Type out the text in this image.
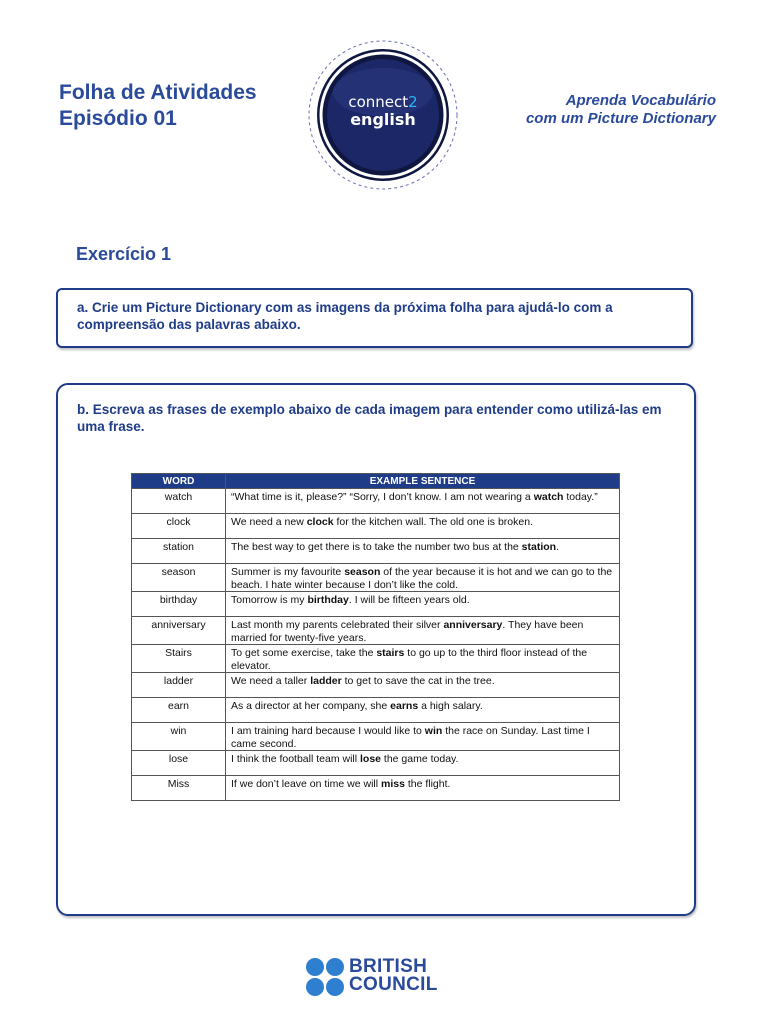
Folha de Atividades
Episódio 01
connect2
english
Aprenda Vocabulário
com um Picture Dictionary
Exercício 1
a. Crie um Picture Dictionary com as imagens da próxima folha para ajudá-lo com a compreensão das palavras abaixo.
b. Escreva as frases de exemplo abaixo de cada imagem para entender como utilizá-las em uma frase.
WORD	EXAMPLE SENTENCE
watch	“What time is it, please?” “Sorry, I don’t know. I am not wearing a watch today.”
clock	We need a new clock for the kitchen wall. The old one is broken.
station	The best way to get there is to take the number two bus at the station.
season	Summer is my favourite season of the year because it is hot and we can go to the beach. I hate winter because I don’t like the cold.
birthday	Tomorrow is my birthday. I will be fifteen years old.
anniversary	Last month my parents celebrated their silver anniversary. They have been married for twenty-five years.
Stairs	To get some exercise, take the stairs to go up to the third floor instead of the elevator.
ladder	We need a taller ladder to get to save the cat in the tree.
earn	As a director at her company, she earns a high salary.
win	I am training hard because I would like to win the race on Sunday. Last time I came second.
lose	I think the football team will lose the game today.
Miss	If we don’t leave on time we will miss the flight.
BRITISH
COUNCIL
